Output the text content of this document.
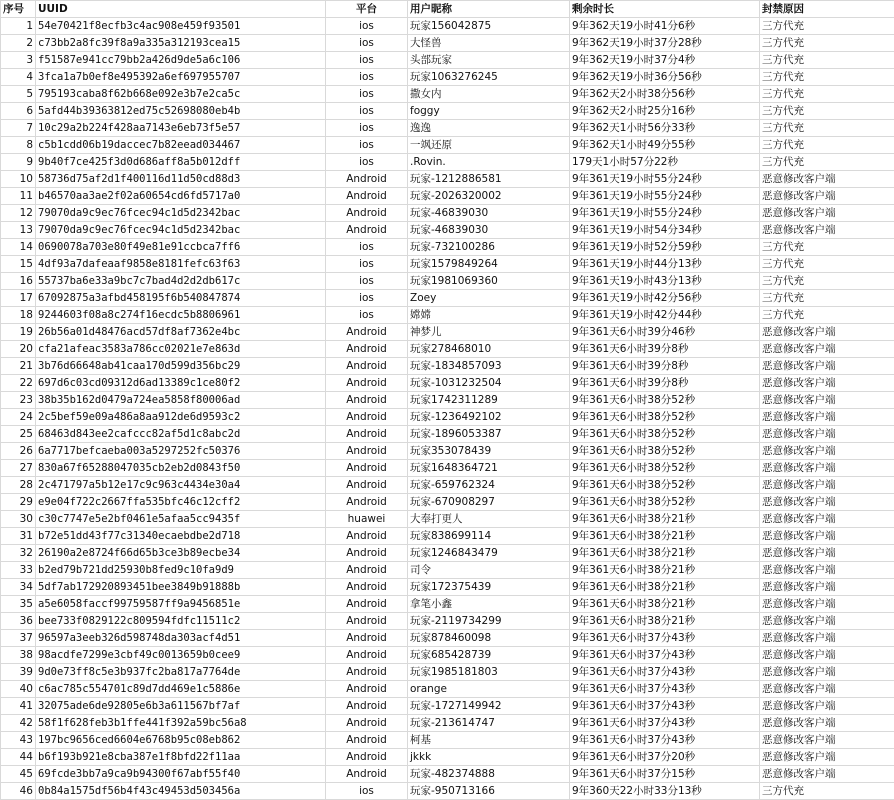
序号	UUID	平台	用户昵称	剩余时长	封禁原因
1	54e70421f8ecfb3c4ac908e459f93501	ios	玩家156042875	9年362天19小时41分6秒	三方代充
2	c73bb2a8fc39f8a9a335a312193cea15	ios	大怪兽	9年362天19小时37分28秒	三方代充
3	f51587e941cc79bb2a426d9de5a6c106	ios	头部玩家	9年362天19小时37分4秒	三方代充
4	3fca1a7b0ef8e495392a6ef697955707	ios	玩家1063276245	9年362天19小时36分56秒	三方代充
5	795193caba8f62b668e092e3b7e2ca5c	ios	撒女内	9年362天2小时38分56秒	三方代充
6	5afd44b39363812ed75c52698080eb4b	ios	foggy	9年362天2小时25分16秒	三方代充
7	10c29a2b224f428aa7143e6eb73f5e57	ios	逸逸	9年362天1小时56分33秒	三方代充
8	c5b1cdd06b19daccec7b82eead034467	ios	一飒还原	9年362天1小时49分55秒	三方代充
9	9b40f7ce425f3d0d686aff8a5b012dff	ios	.Rovin.	179天1小时57分22秒	三方代充
10	58736d75af2d1f400116d11d50cd88d3	Android	玩家-1212886581	9年361天19小时55分24秒	恶意修改客户端
11	b46570aa3ae2f02a60654cd6fd5717a0	Android	玩家-2026320002	9年361天19小时55分24秒	恶意修改客户端
12	79070da9c9ec76fcec94c1d5d2342bac	Android	玩家-46839030	9年361天19小时55分24秒	恶意修改客户端
13	79070da9c9ec76fcec94c1d5d2342bac	Android	玩家-46839030	9年361天19小时54分34秒	恶意修改客户端
14	0690078a703e80f49e81e91ccbca7ff6	ios	玩家-732100286	9年361天19小时52分59秒	三方代充
15	4df93a7dafeaaf9858e8181fefc63f63	ios	玩家1579849264	9年361天19小时44分13秒	三方代充
16	55737ba6e33a9bc7c7bad4d2d2db617c	ios	玩家1981069360	9年361天19小时43分13秒	三方代充
17	67092875a3afbd458195f6b540847874	ios	Zoey	9年361天19小时42分56秒	三方代充
18	9244603f08a8c274f16ecdc5b8806961	ios	嫦嫦	9年361天19小时42分44秒	三方代充
19	26b56a01d48476acd57df8af7362e4bc	Android	神梦儿	9年361天6小时39分46秒	恶意修改客户端
20	cfa21afeac3583a786cc02021e7e863d	Android	玩家278468010	9年361天6小时39分8秒	恶意修改客户端
21	3b76d66648ab41caa170d599d356bc29	Android	玩家-1834857093	9年361天6小时39分8秒	恶意修改客户端
22	697d6c03cd09312d6ad13389c1ce80f2	Android	玩家-1031232504	9年361天6小时39分8秒	恶意修改客户端
23	38b35b162d0479a724ea5858f80006ad	Android	玩家1742311289	9年361天6小时38分52秒	恶意修改客户端
24	2c5bef59e09a486a8aa912de6d9593c2	Android	玩家-1236492102	9年361天6小时38分52秒	恶意修改客户端
25	68463d843ee2cafccc82af5d1c8abc2d	Android	玩家-1896053387	9年361天6小时38分52秒	恶意修改客户端
26	6a7717befcaeba003a5297252fc50376	Android	玩家353078439	9年361天6小时38分52秒	恶意修改客户端
27	830a67f65288047035cb2eb2d0843f50	Android	玩家1648364721	9年361天6小时38分52秒	恶意修改客户端
28	2c471797a5b12e17c9c963c4434e30a4	Android	玩家-659762324	9年361天6小时38分52秒	恶意修改客户端
29	e9e04f722c2667ffa535bfc46c12cff2	Android	玩家-670908297	9年361天6小时38分52秒	恶意修改客户端
30	c30c7747e5e2bf0461e5afaa5cc9435f	huawei	大奉打更人	9年361天6小时38分21秒	恶意修改客户端
31	b72e51dd43f77c31340ecaebdbe2d718	Android	玩家838699114	9年361天6小时38分21秒	恶意修改客户端
32	26190a2e8724f66d65b3ce3b89ecbe34	Android	玩家1246843479	9年361天6小时38分21秒	恶意修改客户端
33	b2ed79b721dd25930b8fed9c10fa9d9	Android	司令	9年361天6小时38分21秒	恶意修改客户端
34	5df7ab172920893451bee3849b91888b	Android	玩家172375439	9年361天6小时38分21秒	恶意修改客户端
35	a5e6058faccf99759587ff9a9456851e	Android	拿笔小鑫	9年361天6小时38分21秒	恶意修改客户端
36	bee733f0829122c809594fdfc11511c2	Android	玩家-2119734299	9年361天6小时38分21秒	恶意修改客户端
37	96597a3eeb326d598748da303acf4d51	Android	玩家878460098	9年361天6小时37分43秒	恶意修改客户端
38	98acdfe7299e3cbf49c0013659b0cee9	Android	玩家685428739	9年361天6小时37分43秒	恶意修改客户端
39	9d0e73ff8c5e3b937fc2ba817a7764de	Android	玩家1985181803	9年361天6小时37分43秒	恶意修改客户端
40	c6ac785c554701c89d7dd469e1c5886e	Android	orange	9年361天6小时37分43秒	恶意修改客户端
41	32075ade6de92805e6b3a611567bf7af	Android	玩家-1727149942	9年361天6小时37分43秒	恶意修改客户端
42	58f1f628feb3b1ffe441f392a59bc56a8	Android	玩家-213614747	9年361天6小时37分43秒	恶意修改客户端
43	197bc9656ced6604e6768b95c08eb862	Android	柯基	9年361天6小时37分43秒	恶意修改客户端
44	b6f193b921e8cba387e1f8bfd22f11aa	Android	jkkk	9年361天6小时37分20秒	恶意修改客户端
45	69fcde3bb7a9ca9b94300f67abf55f40	Android	玩家-482374888	9年361天6小时37分15秒	恶意修改客户端
46	0b84a1575df56b4f43c49453d503456a	ios	玩家-950713166	9年360天22小时33分13秒	三方代充
